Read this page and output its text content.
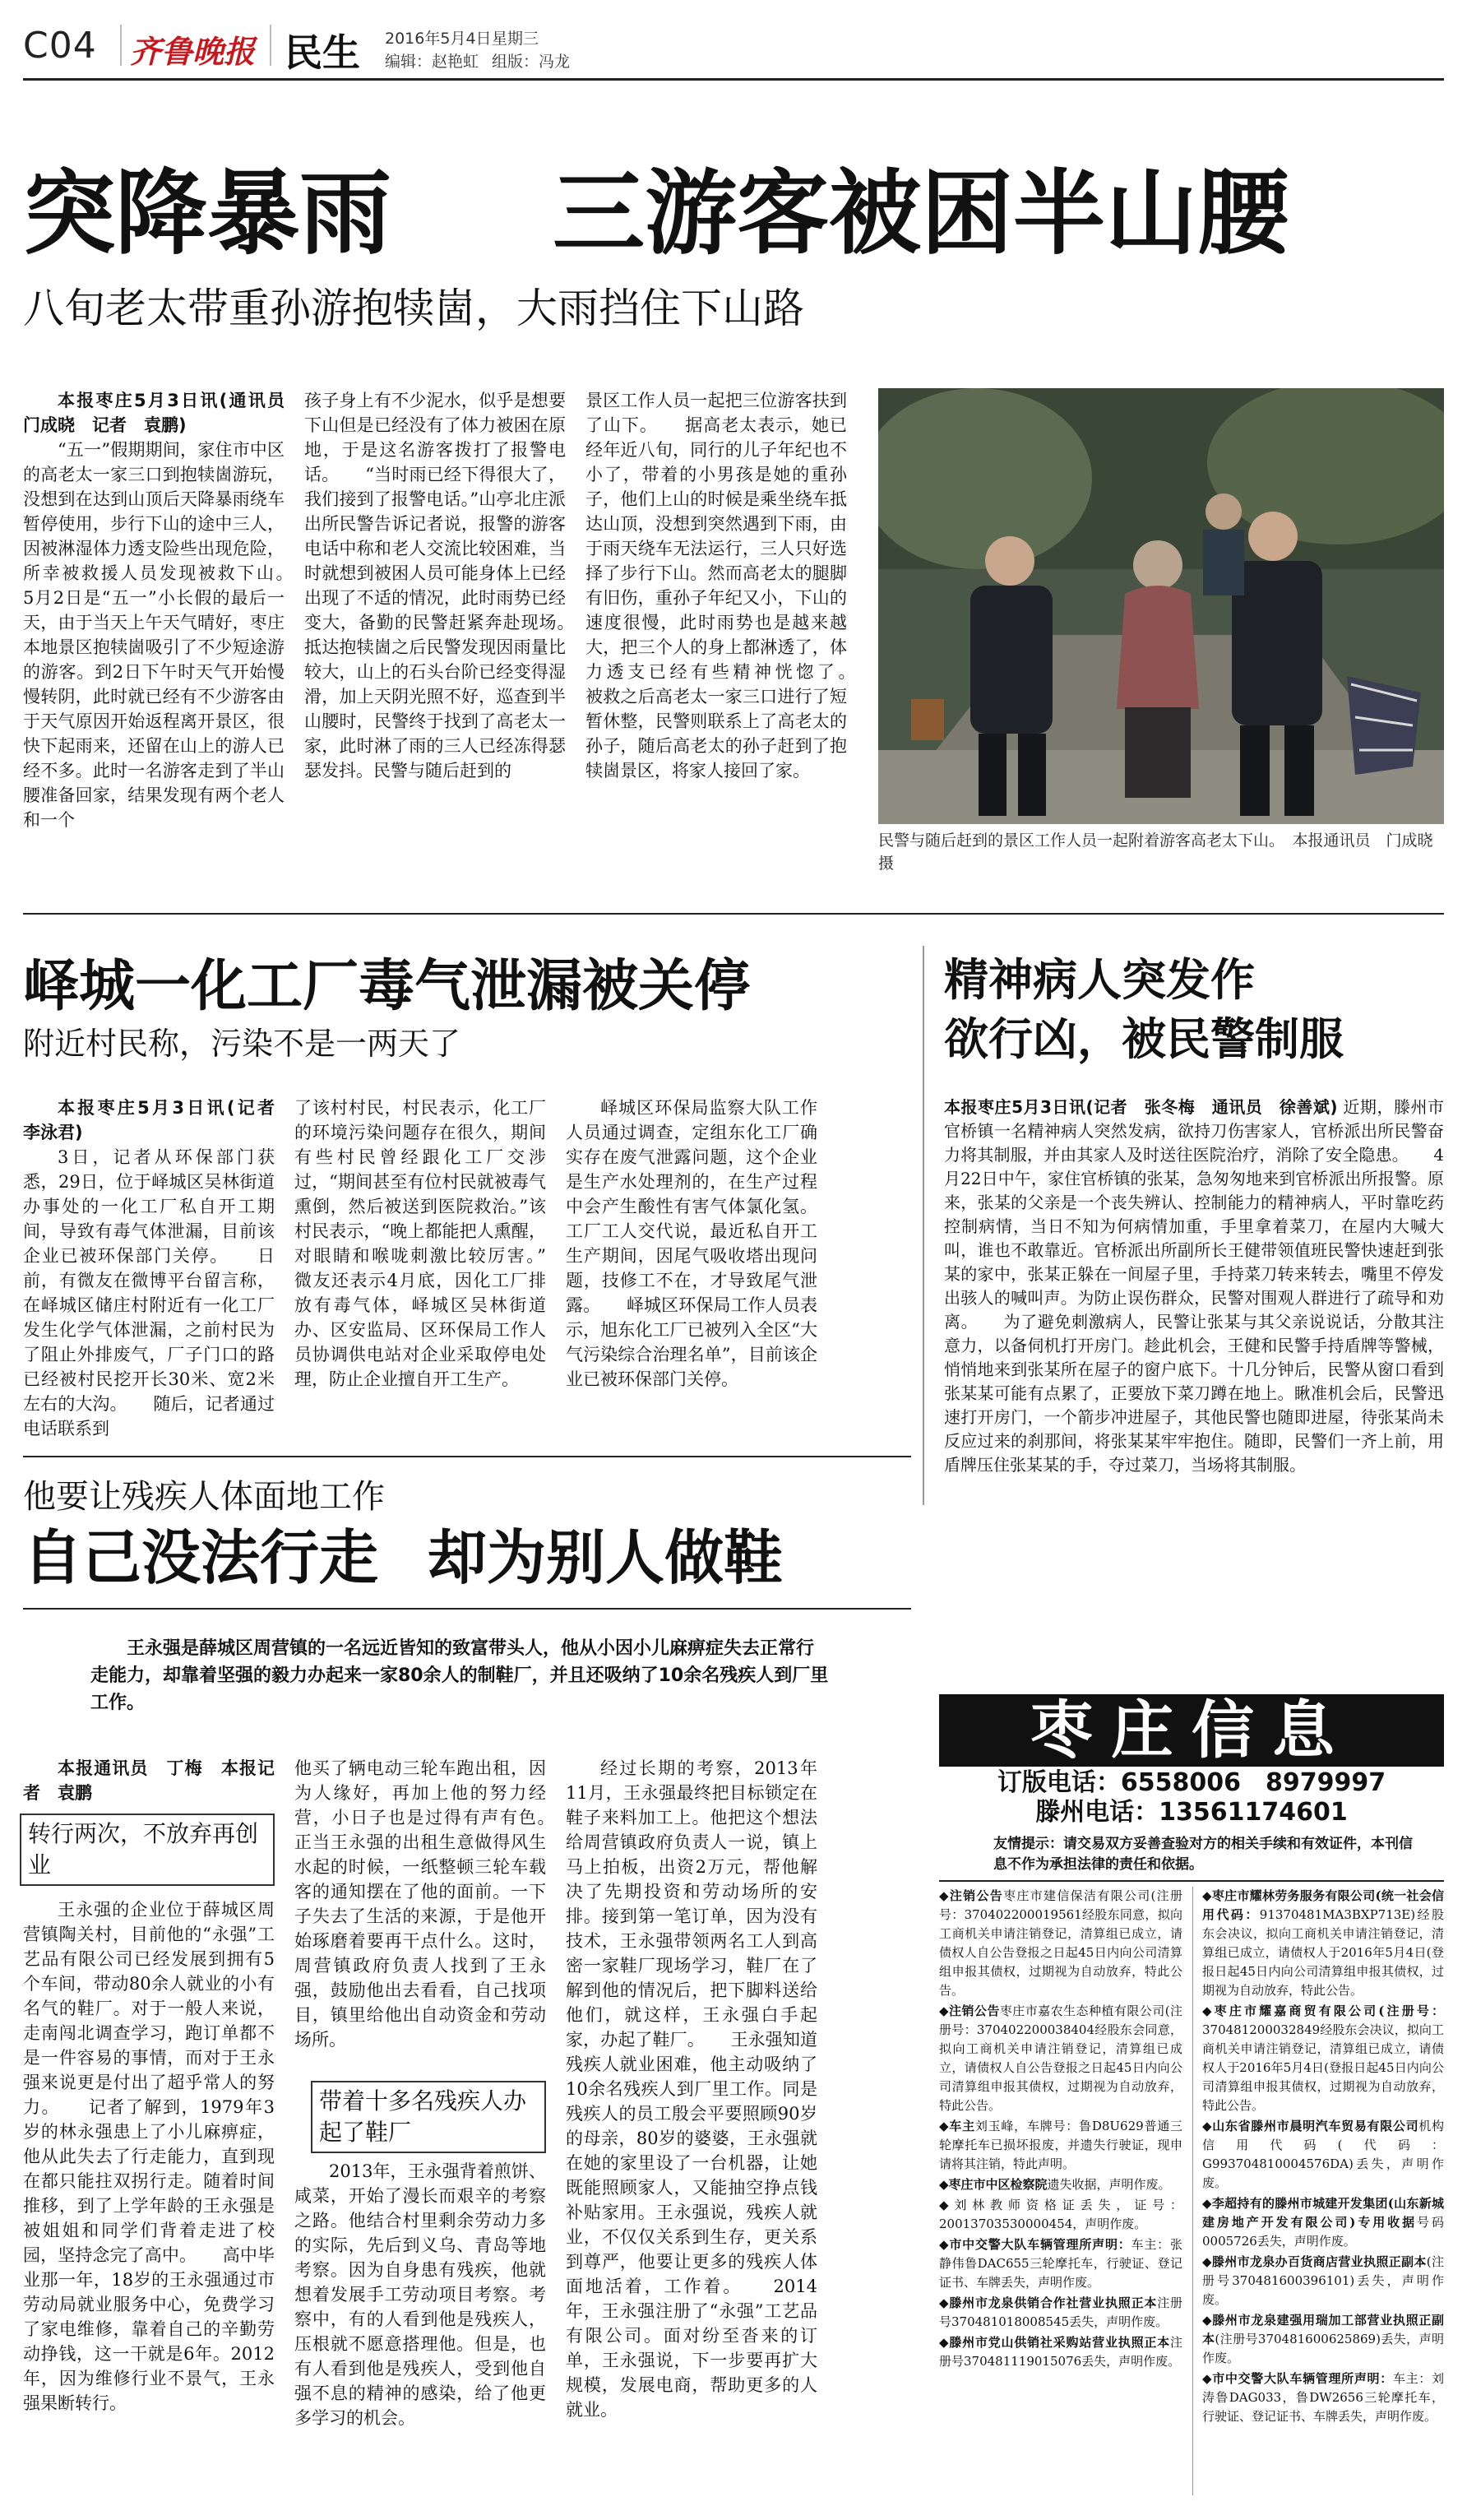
C04 齐鲁晚报 民生 2016年5月4日 星期三
编辑：赵艳虹 组版：冯龙
突降暴雨 三游客被困半山腰
八旬老太带重孙游抱犊崮，大雨挡住下山路

本报枣庄5月3日讯(通讯员　门成晓　记者　袁鹏)

“五一”假期期间，家住市中区的高老太一家三口到抱犊崮游玩，没想到在达到山顶后天降暴雨绕车暂停使用，步行下山的途中三人，因被淋湿体力透支险些出现危险，所幸被救援人员发现被救下山。　　5月2日是“五一”小长假的最后一天，由于当天上午天气晴好，枣庄本地景区抱犊崮吸引了不少短途游的游客。到2日下午时天气开始慢慢转阴，此时就已经有不少游客由于天气原因开始返程离开景区，很快下起雨来，还留在山上的游人已经不多。此时一名游客走到了半山腰准备回家，结果发现有两个老人和一个

孩子身上有不少泥水，似乎是想要下山但是已经没有了体力被困在原地，于是这名游客拨打了报警电话。　　“当时雨已经下得很大了，我们接到了报警电话。”山亭北庄派出所民警告诉记者说，报警的游客电话中称和老人交流比较困难，当时就想到被困人员可能身体上已经出现了不适的情况，此时雨势已经变大，备勤的民警赶紧奔赴现场。　　抵达抱犊崮之后民警发现因雨量比较大，山上的石头台阶已经变得湿滑，加上天阴光照不好，巡查到半山腰时，民警终于找到了高老太一家，此时淋了雨的三人已经冻得瑟瑟发抖。民警与随后赶到的

景区工作人员一起把三位游客扶到了山下。　　据高老太表示，她已经年近八旬，同行的儿子年纪也不小了，带着的小男孩是她的重孙子，他们上山的时候是乘坐绕车抵达山顶，没想到突然遇到下雨，由于雨天绕车无法运行，三人只好选择了步行下山。然而高老太的腿脚有旧伤，重孙子年纪又小，下山的速度很慢，此时雨势也是越来越大，把三个人的身上都淋透了，体力透支已经有些精神恍惚了。　　被救之后高老太一家三口进行了短暂休整，民警则联系上了高老太的孙子，随后高老太的孙子赶到了抱犊崮景区，将家人接回了家。

民警与随后赶到的景区工作人员一起附着游客高老太下山。　本报通讯员　门成晓　摄
峄城一化工厂毒气泄漏被关停
附近村民称，污染不是一两天了

本报枣庄5月3日讯(记者　李泳君)

3日，记者从环保部门获悉，29日，位于峄城区吴林街道办事处的一化工厂私自开工期间，导致有毒气体泄漏，目前该企业已被环保部门关停。　　日前，有微友在微博平台留言称，在峄城区储庄村附近有一化工厂发生化学气体泄漏，之前村民为了阻止外排废气，厂子门口的路已经被村民挖开长30米、宽2米左右的大沟。　　随后，记者通过电话联系到

了该村村民，村民表示，化工厂的环境污染问题存在很久，期间有些村民曾经跟化工厂交涉过，“期间甚至有位村民就被毒气熏倒，然后被送到医院救治。”该村民表示，“晚上都能把人熏醒，对眼睛和喉咙刺激比较厉害。”　　微友还表示4月底，因化工厂排放有毒气体，峄城区吴林街道办、区安监局、区环保局工作人员协调供电站对企业采取停电处理，防止企业擅自开工生产。

峄城区环保局监察大队工作人员通过调查，定组东化工厂确实存在废气泄露问题，这个企业是生产水处理剂的，在生产过程中会产生酸性有害气体氯化氢。工厂工人交代说，最近私自开工生产期间，因尾气吸收塔出现问题，技修工不在，才导致尾气泄露。　　峄城区环保局工作人员表示，旭东化工厂已被列入全区“大气污染综合治理名单”，目前该企业已被环保部门关停。

精神病人突发作
欲行凶，被民警制服

本报枣庄5月3日讯(记者　张冬梅　通讯员　徐善斌)

近期，滕州市官桥镇一名精神病人突然发病，欲持刀伤害家人，官桥派出所民警奋力将其制服，并由其家人及时送往医院治疗，消除了安全隐患。　　4月22日中午，家住官桥镇的张某，急匆匆地来到官桥派出所报警。原来，张某的父亲是一个丧失辨认、控制能力的精神病人，平时靠吃药控制病情，当日不知为何病情加重，手里拿着菜刀，在屋内大喊大叫，谁也不敢靠近。官桥派出所副所长王健带领值班民警快速赶到张某的家中，张某正躲在一间屋子里，手持菜刀转来转去，嘴里不停发出骇人的喊叫声。为防止误伤群众，民警对围观人群进行了疏导和劝离。　　为了避免刺激病人，民警让张某与其父亲说说话，分散其注意力，以备伺机打开房门。趁此机会，王健和民警手持盾牌等警械，悄悄地来到张某所在屋子的窗户底下。十几分钟后，民警从窗口看到张某某可能有点累了，正要放下菜刀蹲在地上。瞅准机会后，民警迅速打开房门，一个箭步冲进屋子，其他民警也随即进屋，待张某尚未反应过来的刹那间，将张某某牢牢抱住。随即，民警们一齐上前，用盾牌压住张某某的手，夺过菜刀，当场将其制服。

他要让残疾人体面地工作
自己没法行走 却为别人做鞋
王永强是薛城区周营镇的一名远近皆知的致富带头人，他从小因小儿麻痹症失去正常行走能力，却靠着坚强的毅力办起来一家80余人的制鞋厂，并且还吸纳了10余名残疾人到厂里工作。

本报通讯员　丁梅　本报记者　袁鹏

王永强的企业位于薛城区周营镇陶关村，目前他的“永强”工艺品有限公司已经发展到拥有5个车间，带动80余人就业的小有名气的鞋厂。对于一般人来说，走南闯北调查学习，跑订单都不是一件容易的事情，而对于王永强来说更是付出了超乎常人的努力。　　记者了解到，1979年3岁的林永强患上了小儿麻痹症，他从此失去了行走能力，直到现在都只能拄双拐行走。随着时间推移，到了上学年龄的王永强是被姐姐和同学们背着走进了校园，坚持念完了高中。　　高中毕业那一年，18岁的王永强通过市劳动局就业服务中心，免费学习了家电维修，靠着自己的辛勤劳动挣钱，这一干就是6年。2012年，因为维修行业不景气，王永强果断转行。

转行两次，不放弃再创业

他买了辆电动三轮车跑出租，因为人缘好，再加上他的努力经营，小日子也是过得有声有色。　　正当王永强的出租生意做得风生水起的时候，一纸整顿三轮车载客的通知摆在了他的面前。一下子失去了生活的来源，于是他开始琢磨着要再干点什么。这时，周营镇政府负责人找到了王永强，鼓励他出去看看，自己找项目，镇里给他出自动资金和劳动场所。

2013年，王永强背着煎饼、咸菜，开始了漫长而艰辛的考察之路。他结合村里剩余劳动力多的实际，先后到义乌、青岛等地考察。因为自身患有残疾，他就想着发展手工劳动项目考察。考察中，有的人看到他是残疾人，压根就不愿意搭理他。但是，也有人看到他是残疾人，受到他自强不息的精神的感染，给了他更多学习的机会。

带着十多名残疾人办起了鞋厂

经过长期的考察，2013年11月，王永强最终把目标锁定在鞋子来料加工上。他把这个想法给周营镇政府负责人一说，镇上马上拍板，出资2万元，帮他解决了先期投资和劳动场所的安排。接到第一笔订单，因为没有技术，王永强带领两名工人到高密一家鞋厂现场学习，鞋厂在了解到他的情况后，把下脚料送给他们，就这样，王永强白手起家，办起了鞋厂。　　王永强知道残疾人就业困难，他主动吸纳了10余名残疾人到厂里工作。同是残疾人的员工殷会平要照顾90岁的母亲，80岁的婆婆，王永强就在她的家里设了一台机器，让她既能照顾家人，又能抽空挣点钱补贴家用。王永强说，残疾人就业，不仅仅关系到生存，更关系到尊严，他要让更多的残疾人体面地活着，工作着。　　2014年，王永强注册了“永强”工艺品有限公司。面对纷至沓来的订单，王永强说，下一步要再扩大规模，发展电商，帮助更多的人就业。

枣庄信息
订版电话：6558006　8979997
滕州电话：13561174601
友情提示：请交易双方妥善查验对方的相关手续和有效证件，本刊信息不作为承担法律的责任和依据。

◆注销公告枣庄市建信保洁有限公司(注册号：370402200019561经股东同意，拟向工商机关申请注销登记，清算组已成立，请债权人自公告登报之日起45日内向公司清算组申报其债权，过期视为自动放弃，特此公告。

◆注销公告枣庄市嘉农生态种植有限公司(注册号：370402200038404经股东会同意，拟向工商机关申请注销登记，清算组已成立，请债权人自公告登报之日起45日内向公司清算组申报其债权，过期视为自动放弃，特此公告。

◆车主刘玉峰，车牌号：鲁D8U629普通三轮摩托车已损坏报废，并遗失行驶证，现申请将其注销，特此声明。

◆枣庄市中区检察院遗失收据，声明作废。

◆刘林教师资格证丢失，证号：20013703530000454，声明作废。

◆市中交警大队车辆管理所声明：车主：张静伟鲁DAC655三轮摩托车，行驶证、登记证书、车牌丢失，声明作废。

◆滕州市龙泉供销合作社营业执照正本注册号370481018008545丢失，声明作废。

◆滕州市党山供销社采购站营业执照正本注册号370481119015076丢失，声明作废。

◆枣庄市耀林劳务服务有限公司(统一社会信用代码：91370481MA3BXP713E)经股东会决议，拟向工商机关申请注销登记，清算组已成立，请债权人于2016年5月4日(登报日起45日内向公司清算组申报其债权，过期视为自动放弃，特此公告。

◆枣庄市耀嘉商贸有限公司(注册号：370481200032849经股东会决议，拟向工商机关申请注销登记，清算组已成立，请债权人于2016年5月4日(登报日起45日内向公司清算组申报其债权，过期视为自动放弃，特此公告。

◆山东省滕州市晨明汽车贸易有限公司机构信用代码(代码：G993704810004576DA)丢失，声明作废。

◆李超持有的滕州市城建开发集团(山东新城建房地产开发有限公司)专用收据号码0005726丢失，声明作废。

◆滕州市龙泉办百货商店营业执照正副本(注册号370481600396101)丢失，声明作废。

◆滕州市龙泉建强用瑞加工部营业执照正副本(注册号370481600625869)丢失，声明作废。

◆市中交警大队车辆管理所声明：车主：刘涛鲁DAG033，鲁DW2656三轮摩托车，行驶证、登记证书、车牌丢失，声明作废。
